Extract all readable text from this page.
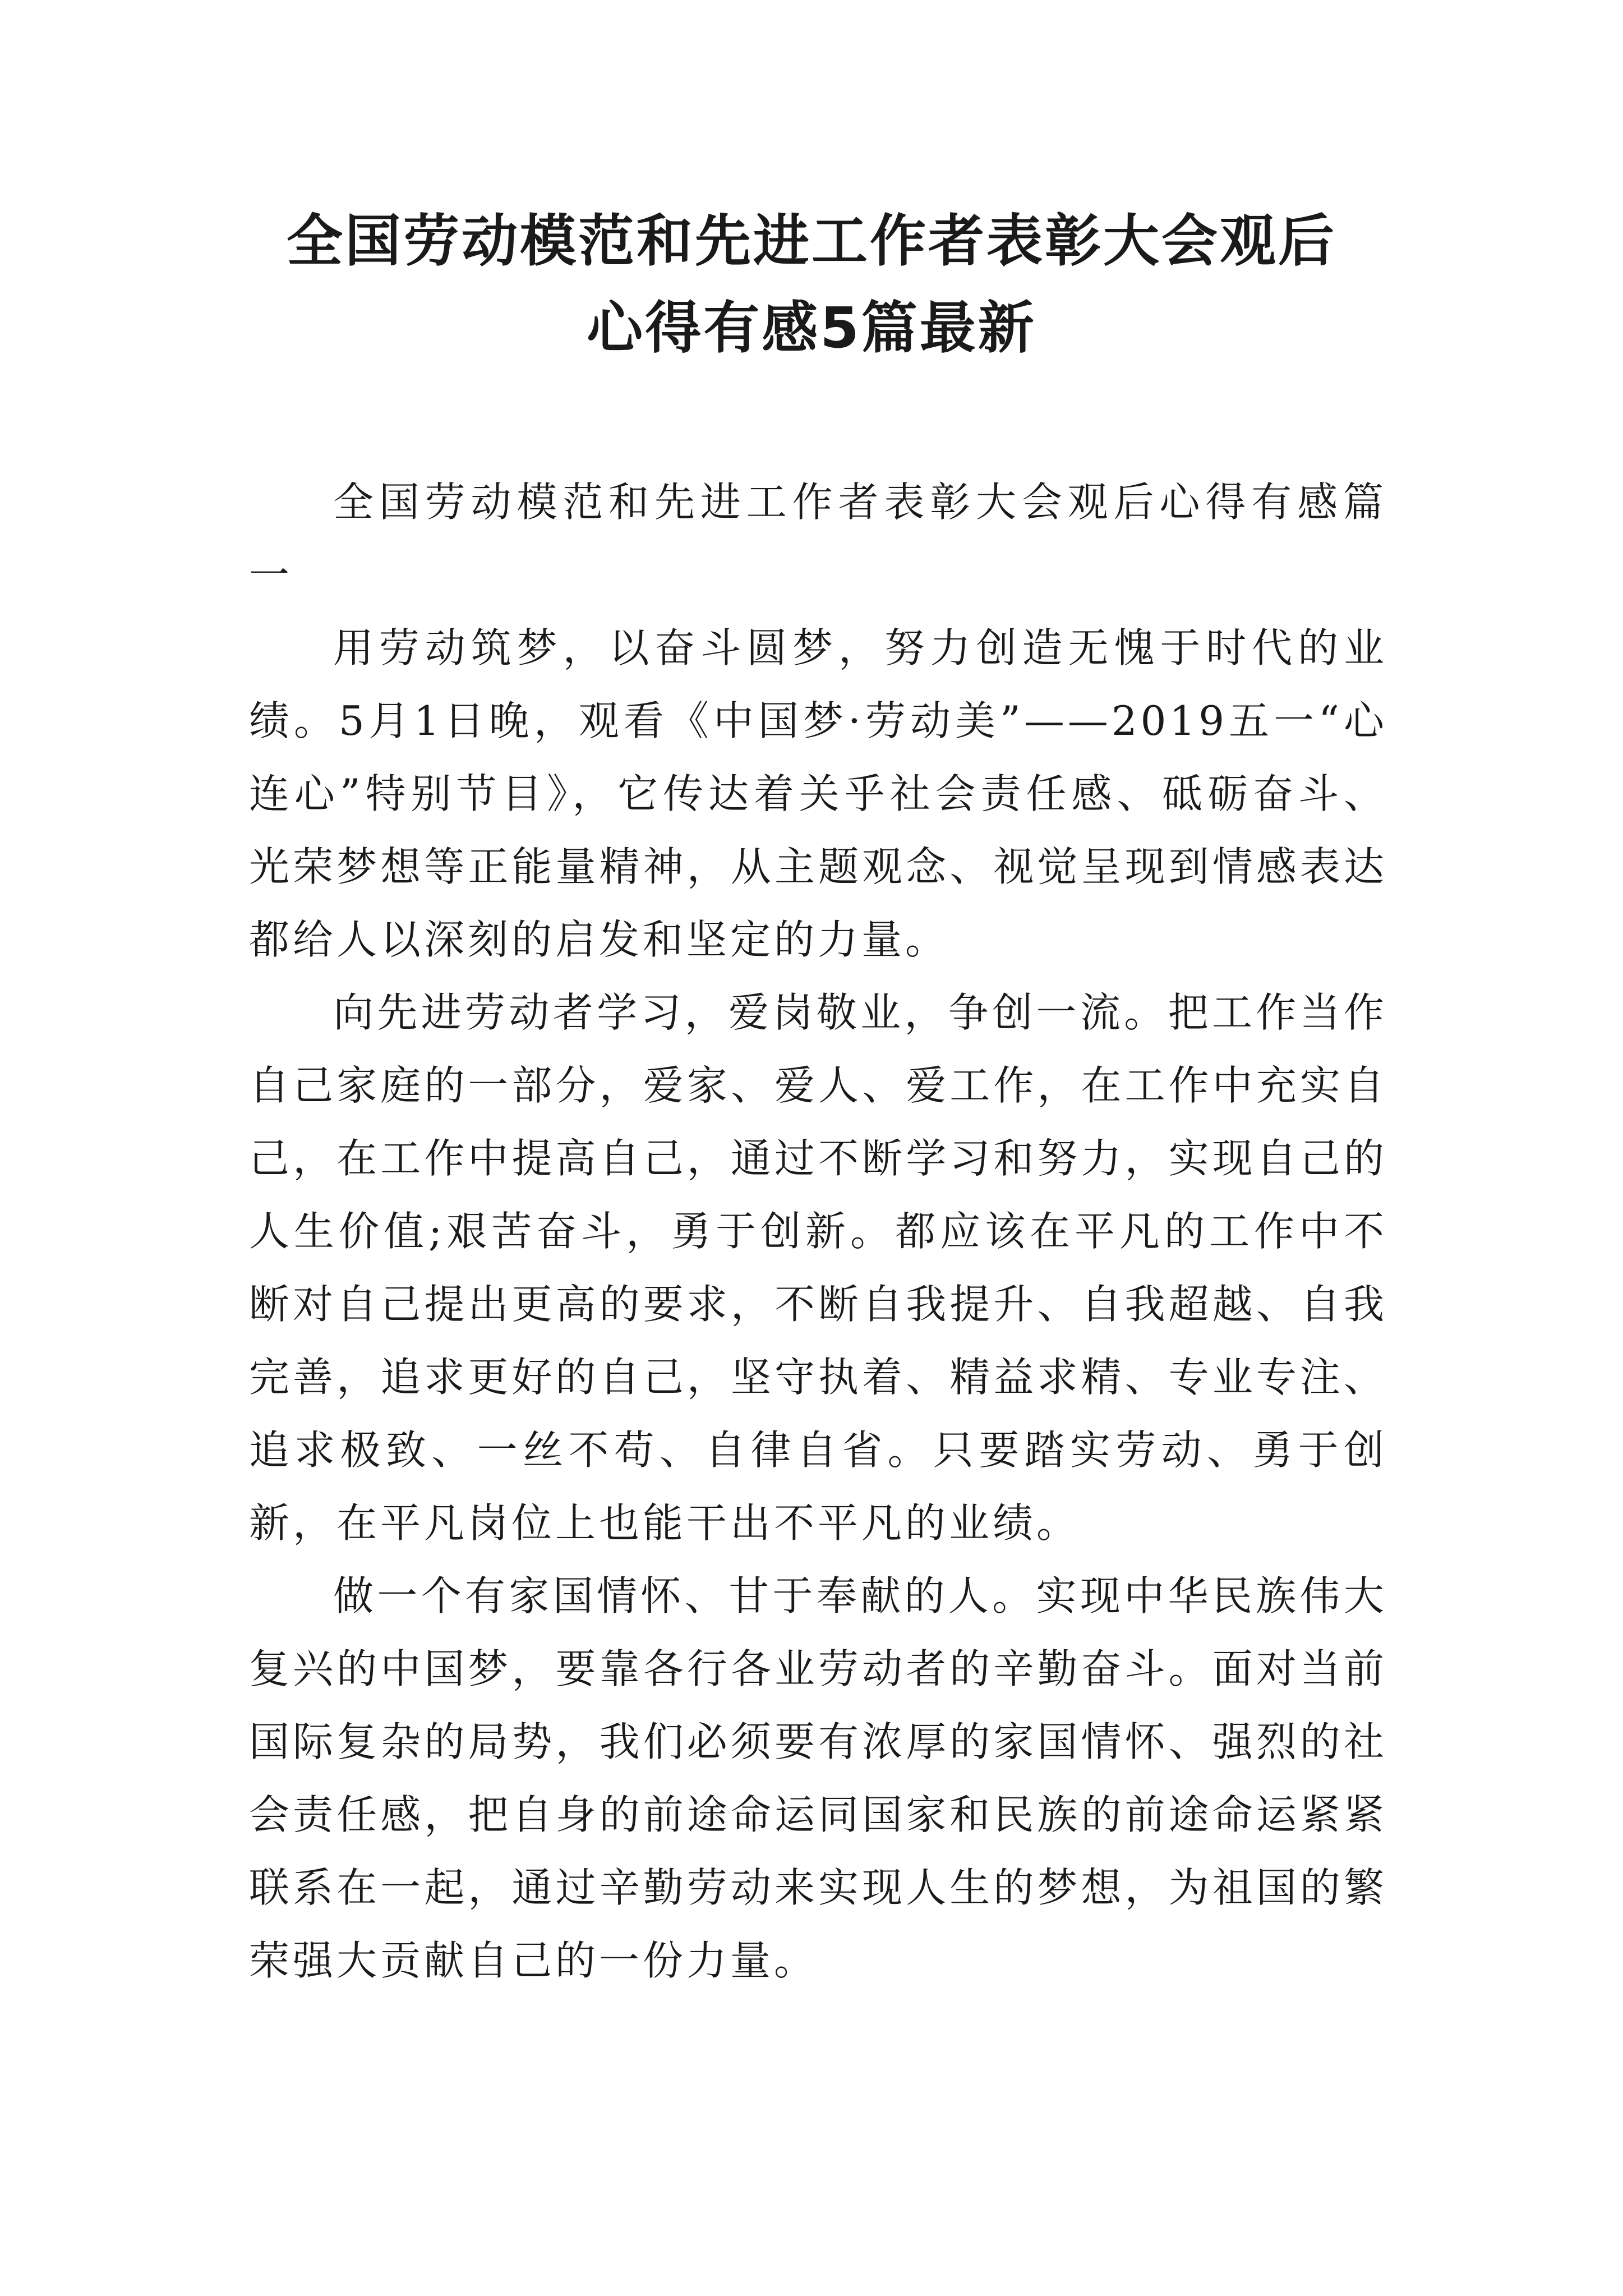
全国劳动模范和先进工作者表彰大会观后
心得有感5篇最新

全国劳动模范和先进工作者表彰大会观后心得有感篇一

用劳动筑梦，以奋斗圆梦，努力创造无愧于时代的业绩。5月1日晚，观看《中国梦·劳动美”——2019五一“心连心”特别节目》，它传达着关乎社会责任感、砥砺奋斗、光荣梦想等正能量精神，从主题观念、视觉呈现到情感表达都给人以深刻的启发和坚定的力量。

向先进劳动者学习，爱岗敬业，争创一流。把工作当作自己家庭的一部分，爱家、爱人、爱工作，在工作中充实自己，在工作中提高自己，通过不断学习和努力，实现自己的人生价值;艰苦奋斗，勇于创新。都应该在平凡的工作中不断对自己提出更高的要求，不断自我提升、自我超越、自我完善，追求更好的自己，坚守执着、精益求精、专业专注、追求极致、一丝不苟、自律自省。只要踏实劳动、勇于创新，在平凡岗位上也能干出不平凡的业绩。

做一个有家国情怀、甘于奉献的人。实现中华民族伟大复兴的中国梦，要靠各行各业劳动者的辛勤奋斗。面对当前国际复杂的局势，我们必须要有浓厚的家国情怀、强烈的社会责任感，把自身的前途命运同国家和民族的前途命运紧紧联系在一起，通过辛勤劳动来实现人生的梦想，为祖国的繁荣强大贡献自己的一份力量。
